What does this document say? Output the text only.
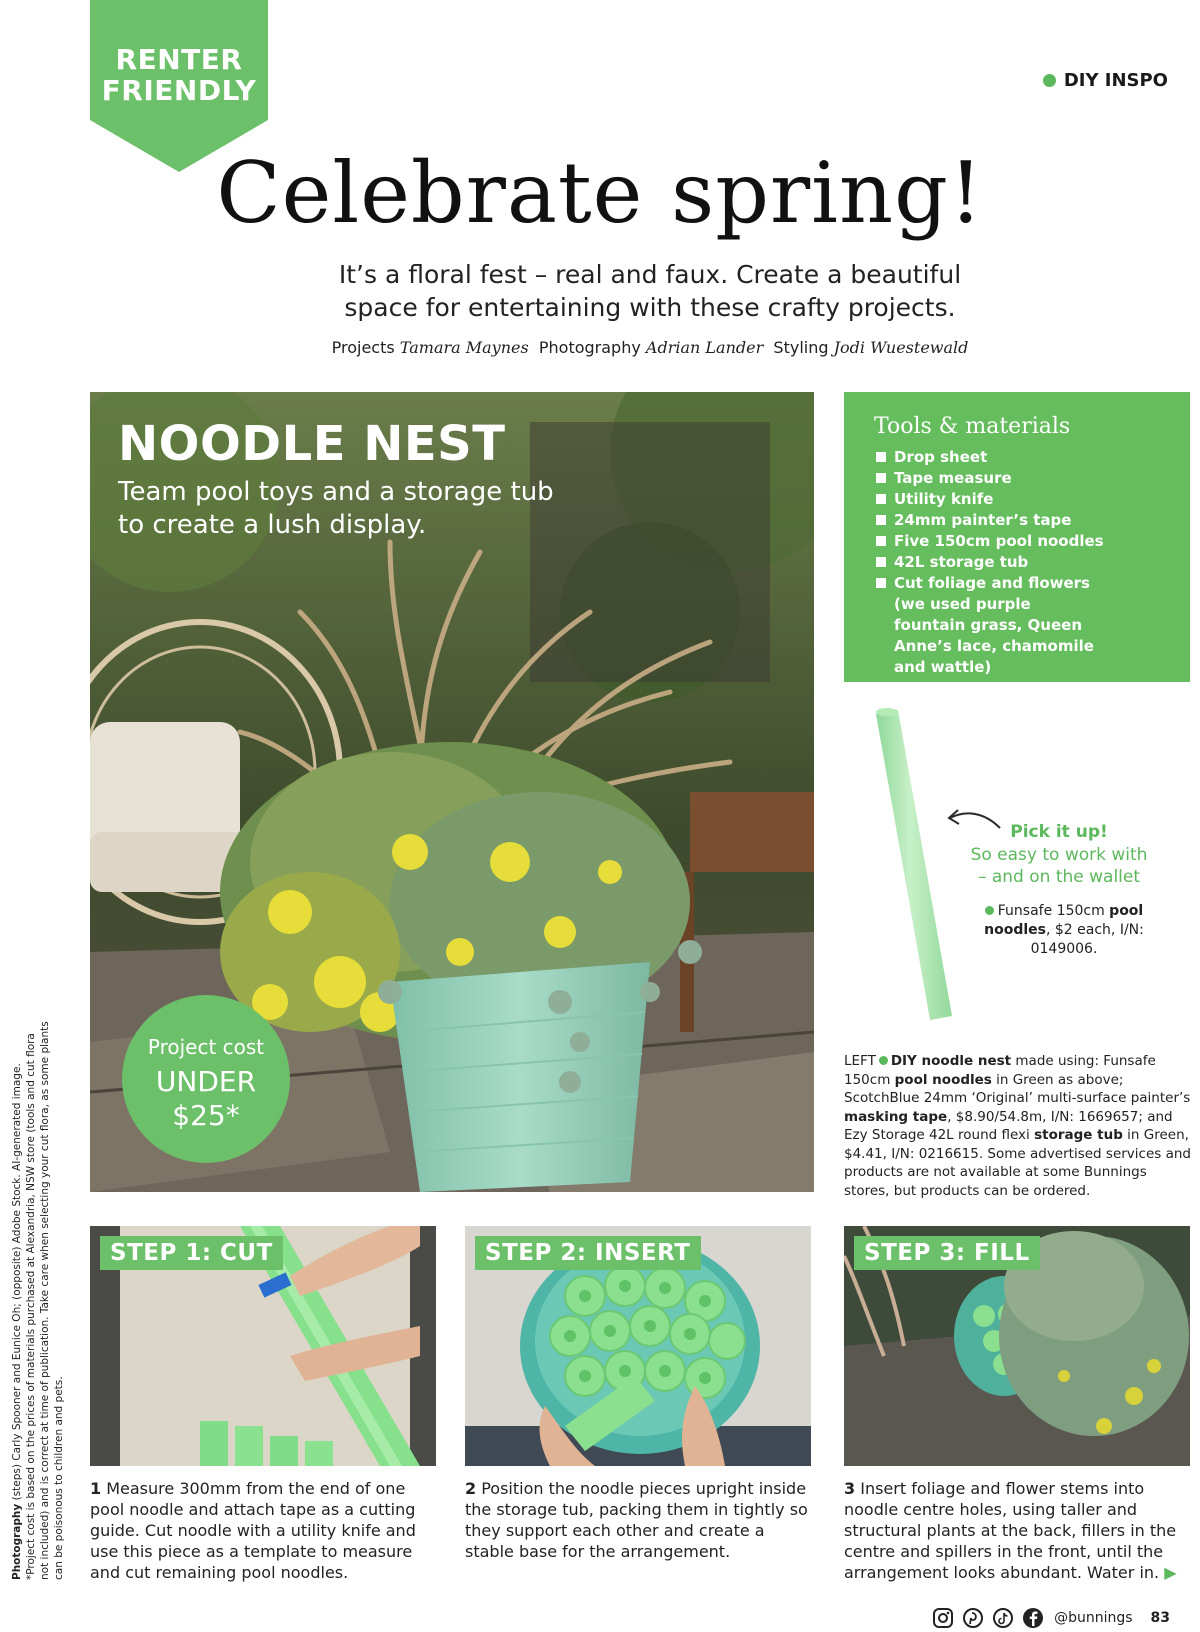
RENTER
FRIENDLY	DIY INSPO
Celebrate spring!
It’s a floral fest – real and faux. Create a beautiful
space for entertaining with these crafty projects.
Projects Tamara Maynes Photography Adrian Lander Styling Jodi Wuestewald
NOODLE NEST
Team pool toys and a storage tub to create a lush display.
Project cost
UNDER
$25*
Tools & materials
Drop sheet
Tape measure
Utility knife
24mm painter’s tape
Five 150cm pool noodles
42L storage tub
Cut foliage and flowers
(we used purple fountain grass, Queen Anne’s lace, chamomile and wattle)
Pick it up!
So easy to work with
– and on the wallet
Funsafe 150cm pool noodles, $2 each, I/N: 0149006.
LEFT DIY noodle nest made using: Funsafe 150cm pool noodles in Green as above; ScotchBlue 24mm ‘Original’ multi-surface painter’s masking tape, $8.90/54.8m, I/N: 1669657; and Ezy Storage 42L round flexi storage tub in Green, $4.41, I/N: 0216615. Some advertised services and products are not available at some Bunnings stores, but products can be ordered.
STEP 1: CUT	STEP 2: INSERT	STEP 3: FILL
1 Measure 300mm from the end of one pool noodle and attach tape as a cutting guide. Cut noodle with a utility knife and use this piece as a template to measure and cut remaining pool noodles.
2 Position the noodle pieces upright inside the storage tub, packing them in tightly so they support each other and create a stable base for the arrangement.
3 Insert foliage and flower stems into noodle centre holes, using taller and structural plants at the back, fillers in the centre and spillers in the front, until the arrangement looks abundant. Water in. ▶
Photography (steps) Carly Spooner and Eunice Oh; (opposite) Adobe Stock. AI-generated image. *Project cost is based on the prices of materials purchased at Alexandria, NSW store (tools and cut flora not included) and is correct at time of publication. Take care when selecting your cut flora, as some plants can be poisonous to children and pets.
@bunnings 83
